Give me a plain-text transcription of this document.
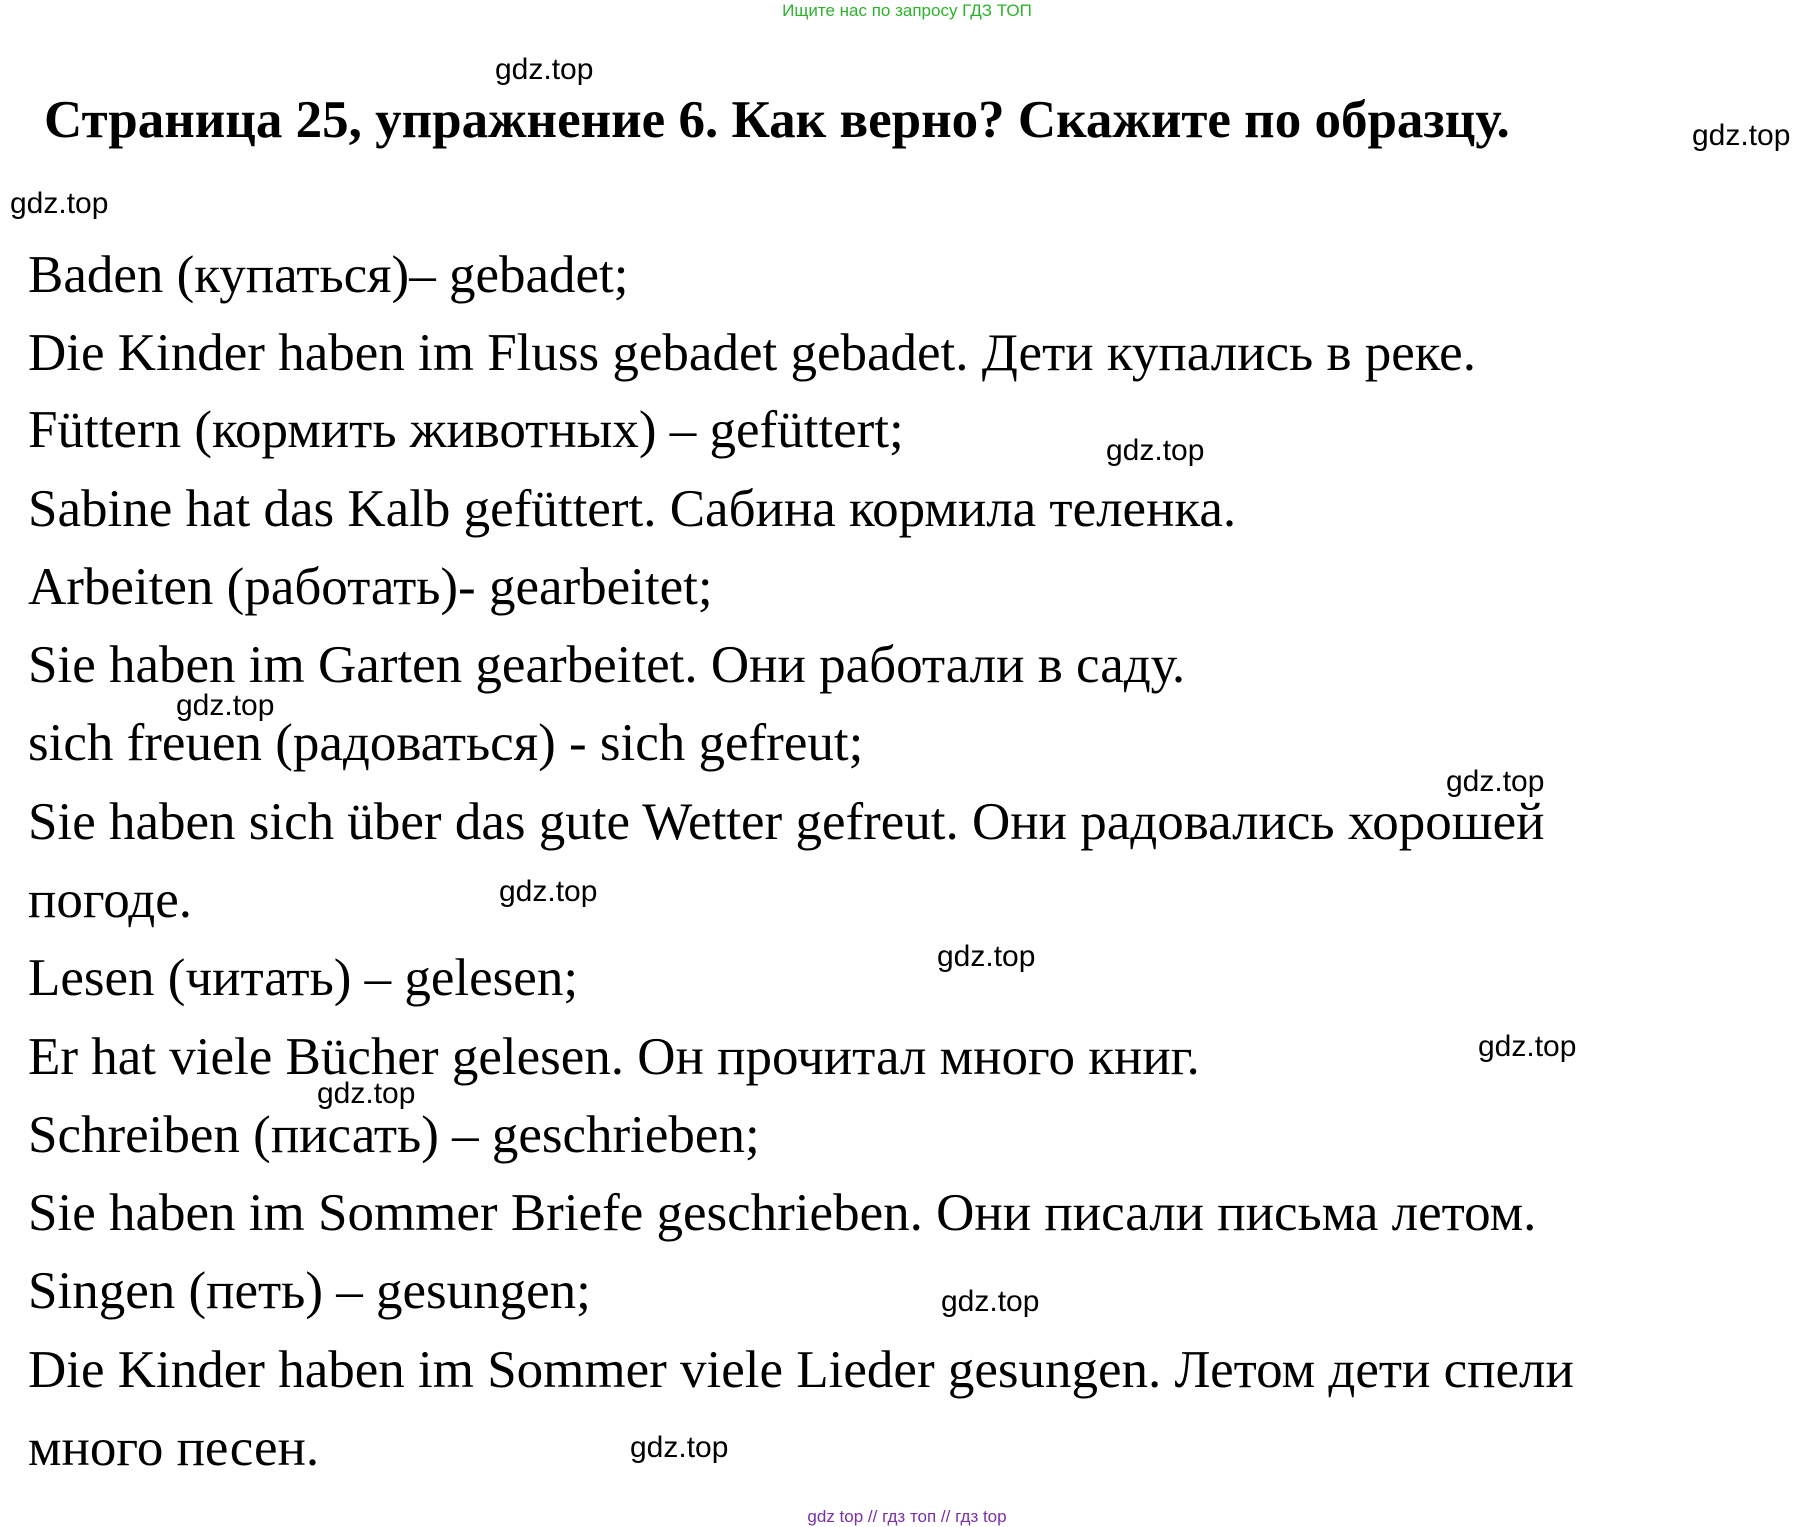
Ищите нас по запросу ГДЗ ТОП
Страница 25, упражнение 6. Как верно? Скажите по образцу.
Baden (купаться)– gebadet;
Die Kinder haben im Fluss gebadet gebadet. Дети купались в реке.
Füttern (кормить животных) – gefüttert;
Sabine hat das Kalb gefüttert. Сабина кормила теленка.
Arbeiten (работать)- gearbeitet;
Sie haben im Garten gearbeitet. Они работали в саду.
sich freuen (радоваться) - sich gefreut;
Sie haben sich über das gute Wetter gefreut. Они радовались хорошей
погоде.
Lesen (читать) – gelesen;
Er hat viele Bücher gelesen. Он прочитал много книг.
Schreiben (писать) – geschrieben;
Sie haben im Sommer Briefe geschrieben. Они писали письма летом.
Singen (петь) – gesungen;
Die Kinder haben im Sommer viele Lieder gesungen. Летом дети спели
много песен.
gdz.top
gdz.top
gdz.top
gdz.top
gdz.top
gdz.top
gdz.top
gdz.top
gdz.top
gdz.top
gdz.top
gdz.top
gdz top // гдз топ // гдз top
